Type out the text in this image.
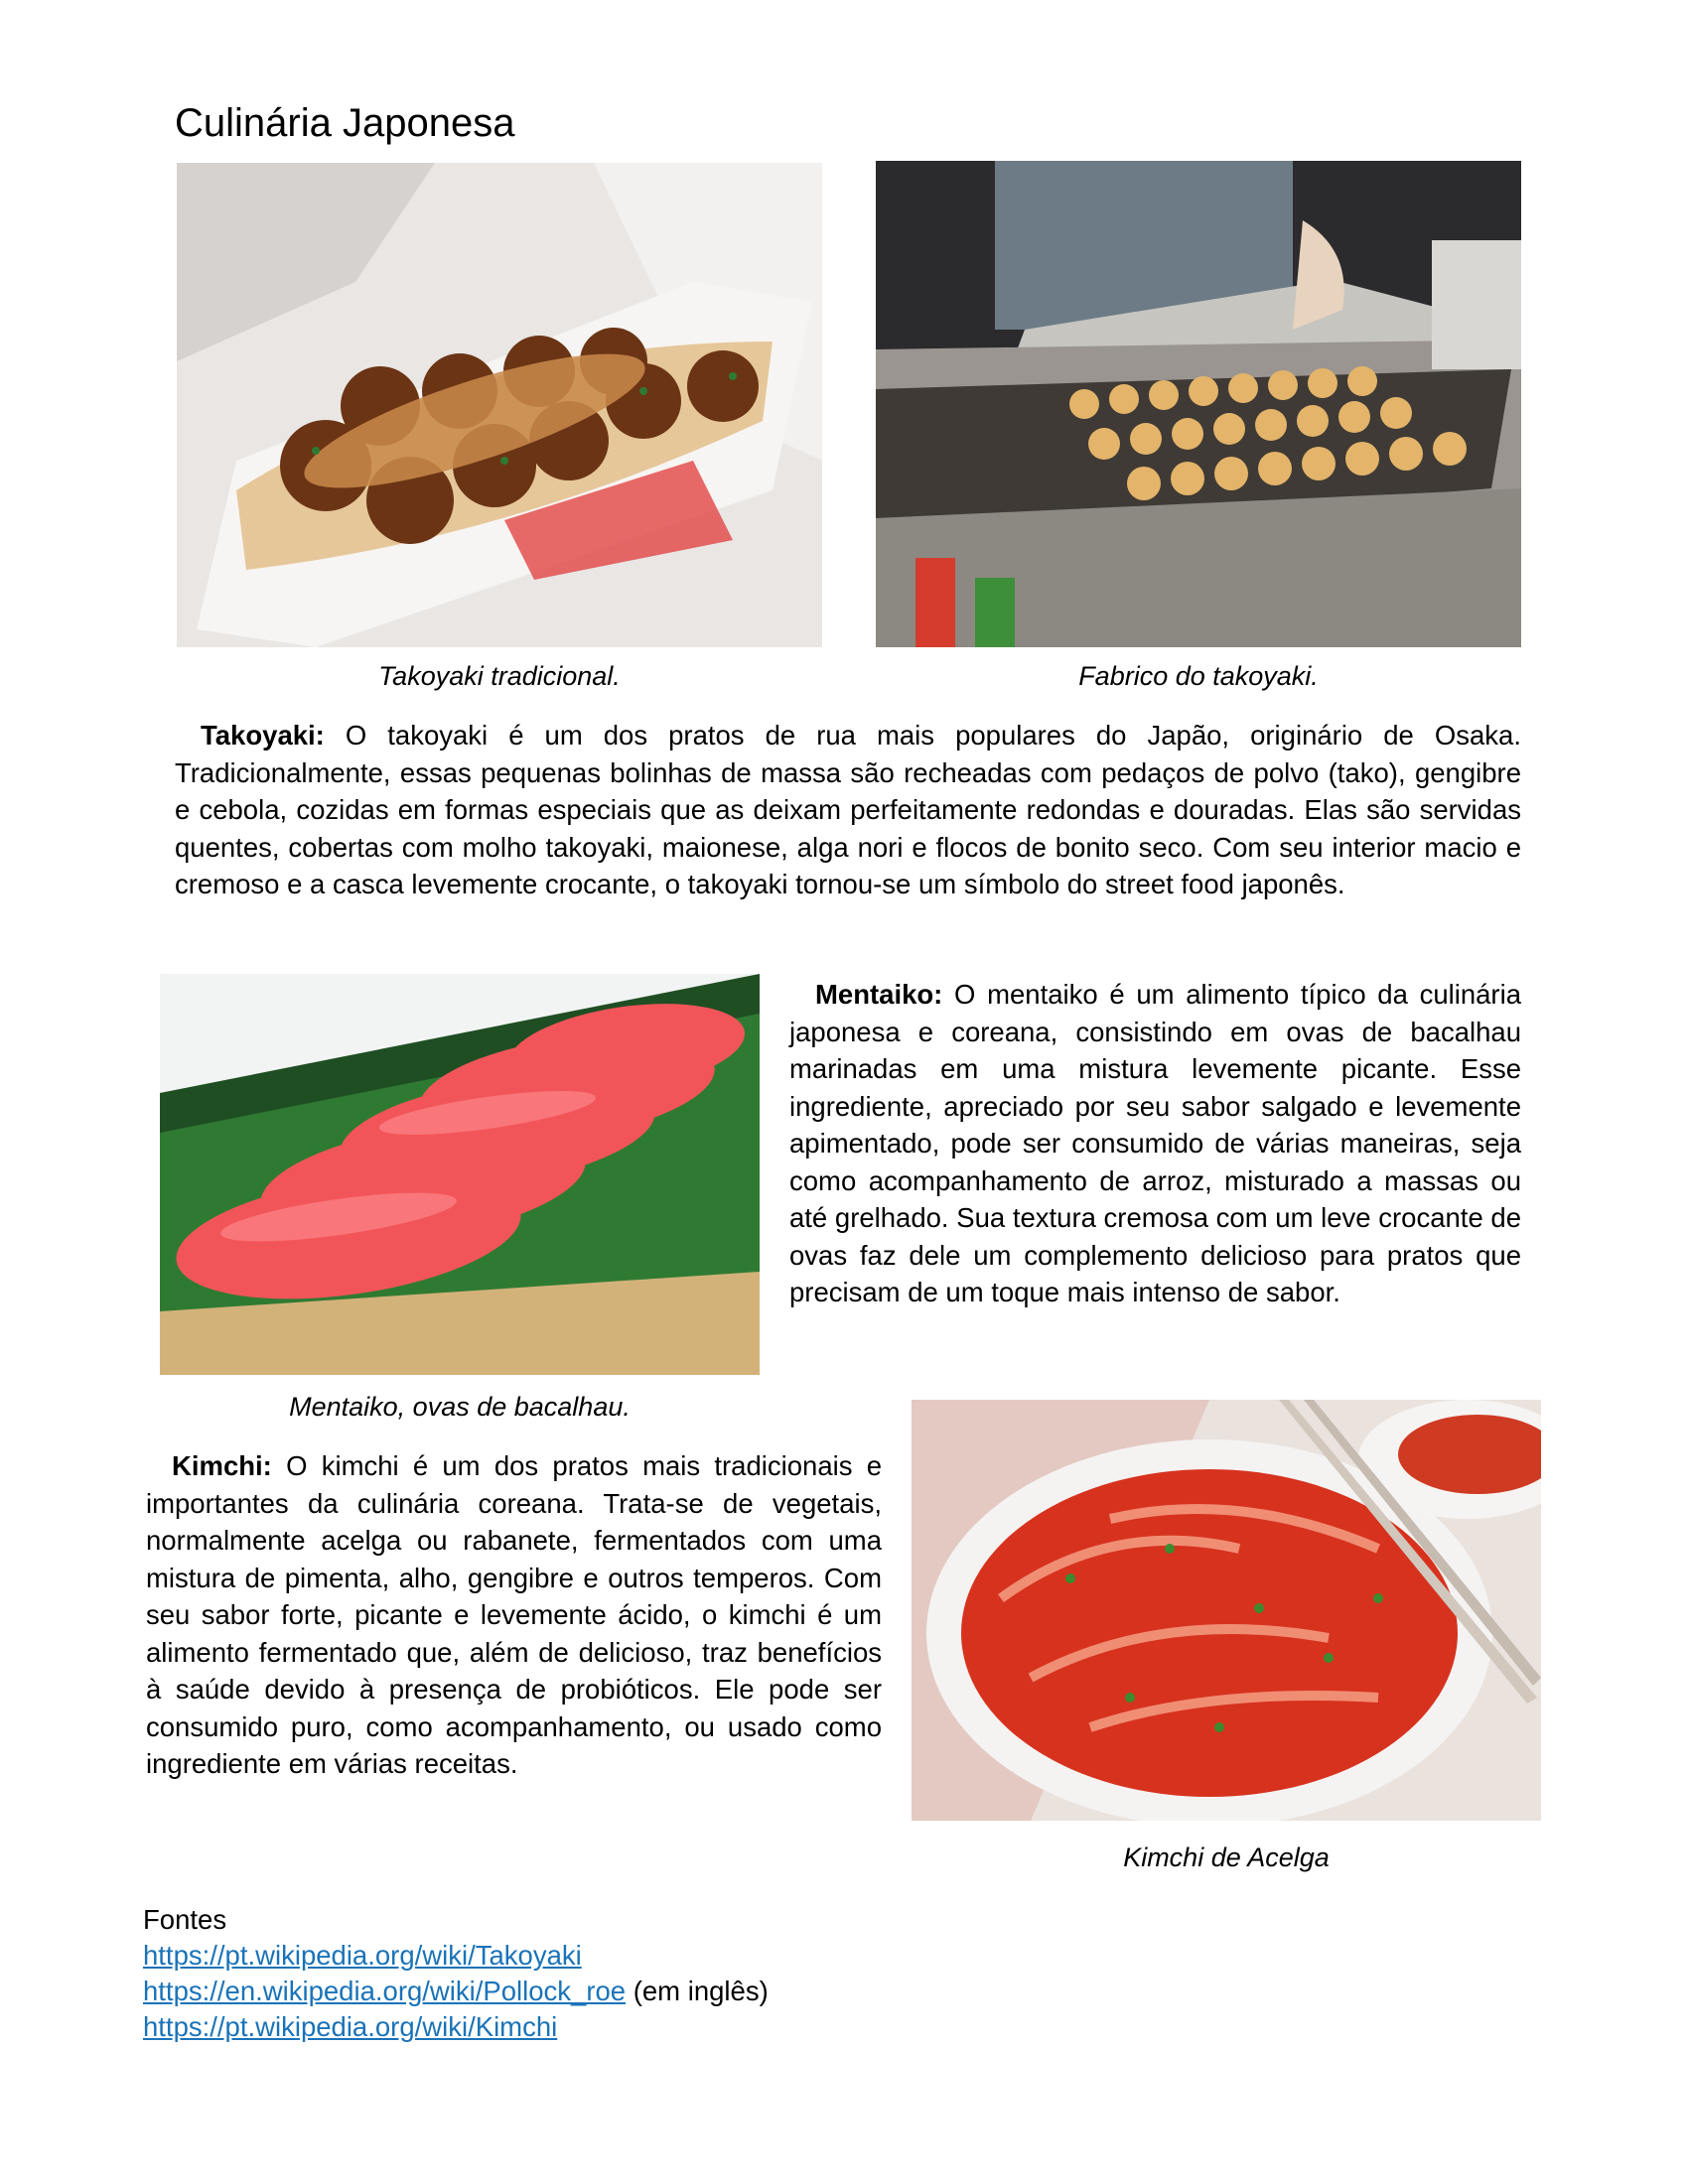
Culinária Japonesa
Takoyaki tradicional.	Fabrico do takoyaki.

Takoyaki: O takoyaki é um dos pratos de rua mais populares do Japão, originário de Osaka. Tradicionalmente, essas pequenas bolinhas de massa são recheadas com pedaços de polvo (tako), gengibre e cebola, cozidas em formas especiais que as deixam perfeitamente redondas e douradas. Elas são servidas quentes, cobertas com molho takoyaki, maionese, alga nori e flocos de bonito seco. Com seu interior macio e cremoso e a casca levemente crocante, o takoyaki tornou-se um símbolo do street food japonês.

Mentaiko: O mentaiko é um alimento típico da culinária japonesa e coreana, consistindo em ovas de bacalhau marinadas em uma mistura levemente picante. Esse ingrediente, apreciado por seu sabor salgado e levemente apimentado, pode ser consumido de várias maneiras, seja como acompanhamento de arroz, misturado a massas ou até grelhado. Sua textura cremosa com um leve crocante de ovas faz dele um complemento delicioso para pratos que precisam de um toque mais intenso de sabor.

Mentaiko, ovas de bacalhau.

Kimchi: O kimchi é um dos pratos mais tradicionais e importantes da culinária coreana. Trata-se de vegetais, normalmente acelga ou rabanete, fermentados com uma mistura de pimenta, alho, gengibre e outros temperos. Com seu sabor forte, picante e levemente ácido, o kimchi é um alimento fermentado que, além de delicioso, traz benefícios à saúde devido à presença de probióticos. Ele pode ser consumido puro, como acompanhamento, ou usado como ingrediente em várias receitas.

Kimchi de Acelga
Fontes
https://pt.wikipedia.org/wiki/Takoyaki
https://en.wikipedia.org/wiki/Pollock_roe (em inglês)
https://pt.wikipedia.org/wiki/Kimchi
